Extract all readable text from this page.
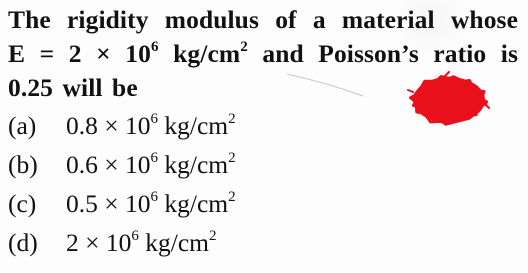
The rigidity modulus of a material whose
$E = 2 \times 10^6$ $kg/cm^2$ and Poisson’s ratio is
0.25 will be
(a) $0.8 \times 10^6$ $kg/cm^2$
(b) $0.6 \times 10^6$ $kg/cm^2$
(c) $0.5 \times 10^6$ $kg/cm^2$
(d) $2 \times 10^6$ $kg/cm^2$
